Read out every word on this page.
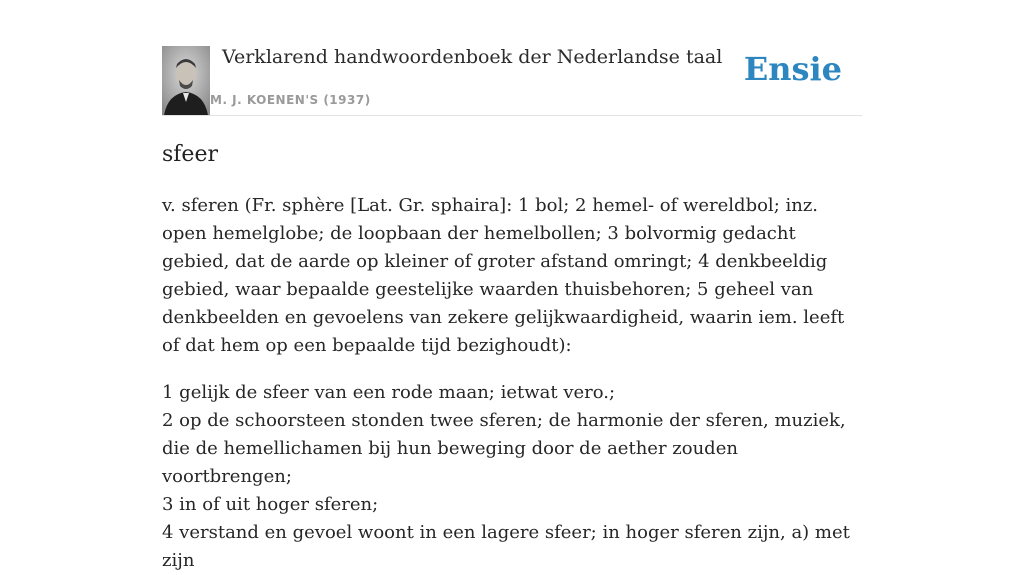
Verklarend handwoordenboek der Nederlandse taal
M. J. KOENEN'S (1937)
Ensie
sfeer

v. sferen (Fr. sphère [Lat. Gr. sphaira]: 1 bol; 2 hemel- of wereldbol; inz. open hemelglobe; de loopbaan der hemelbollen; 3 bolvormig gedacht gebied, dat de aarde op kleiner of groter afstand omringt; 4 denkbeeldig gebied, waar bepaalde geestelijke waarden thuisbehoren; 5 geheel van denkbeelden en gevoelens van zekere gelijkwaardigheid, waarin iem. leeft of dat hem op een bepaalde tijd bezighoudt):

1 gelijk de sfeer van een rode maan; ietwat vero.;
2 op de schoorsteen stonden twee sferen; de harmonie der sferen, muziek, die de hemellichamen bij hun beweging door de aether zouden voortbrengen;
3 in of uit hoger sferen;
4 verstand en gevoel woont in een lagere sfeer; in hoger sferen zijn, a) met zijn
